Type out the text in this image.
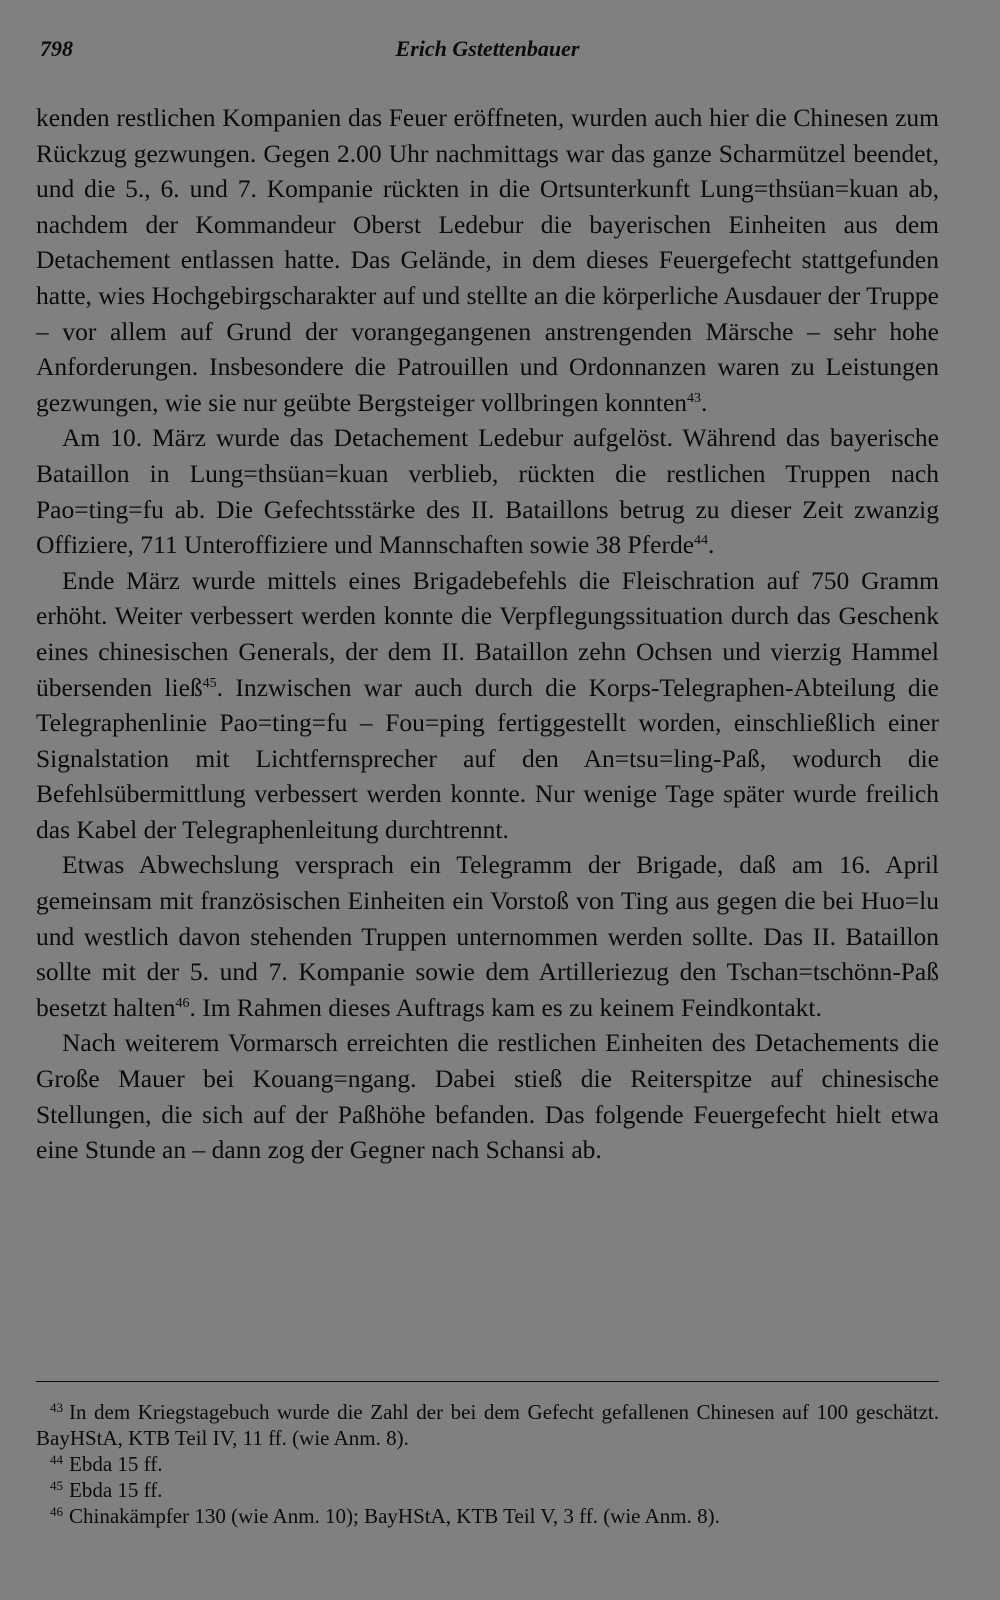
798	Erich Gstettenbauer

kenden restlichen Kompanien das Feuer eröffneten, wurden auch hier die Chinesen zum Rückzug gezwungen. Gegen 2.00 Uhr nachmittags war das ganze Scharmützel beendet, und die 5., 6. und 7. Kompanie rückten in die Ortsunterkunft Lung=thsüan=kuan ab, nachdem der Kommandeur Oberst Ledebur die bayerischen Einheiten aus dem Detachement entlassen hatte. Das Gelände, in dem dieses Feuergefecht stattgefunden hatte, wies Hochgebirgscharakter auf und stellte an die körperliche Ausdauer der Truppe – vor allem auf Grund der vorangegangenen anstrengenden Märsche – sehr hohe Anforderungen. Insbesondere die Patrouillen und Ordonnanzen waren zu Leistungen gezwungen, wie sie nur geübte Bergsteiger vollbringen konnten$^{43}$.

Am 10. März wurde das Detachement Ledebur aufgelöst. Während das bayerische Bataillon in Lung=thsüan=kuan verblieb, rückten die restlichen Truppen nach Pao=ting=fu ab. Die Gefechtsstärke des II. Bataillons betrug zu dieser Zeit zwanzig Offiziere, 711 Unteroffiziere und Mannschaften sowie 38 Pferde$^{44}$.

Ende März wurde mittels eines Brigadebefehls die Fleischration auf 750 Gramm erhöht. Weiter verbessert werden konnte die Verpflegungssituation durch das Geschenk eines chinesischen Generals, der dem II. Bataillon zehn Ochsen und vierzig Hammel übersenden ließ$^{45}$. Inzwischen war auch durch die Korps-Telegraphen-Abteilung die Telegraphenlinie Pao=ting=fu – Fou=ping fertiggestellt worden, einschließlich einer Signalstation mit Lichtfernsprecher auf den An=tsu=ling-Paß, wodurch die Befehlsübermittlung verbessert werden konnte. Nur wenige Tage später wurde freilich das Kabel der Telegraphenleitung durchtrennt.

Etwas Abwechslung versprach ein Telegramm der Brigade, daß am 16. April gemeinsam mit französischen Einheiten ein Vorstoß von Ting aus gegen die bei Huo=lu und westlich davon stehenden Truppen unternommen werden sollte. Das II. Bataillon sollte mit der 5. und 7. Kompanie sowie dem Artilleriezug den Tschan=tschönn-Paß besetzt halten$^{46}$. Im Rahmen dieses Auftrags kam es zu keinem Feindkontakt.

Nach weiterem Vormarsch erreichten die restlichen Einheiten des Detachements die Große Mauer bei Kouang=ngang. Dabei stieß die Reiterspitze auf chinesische Stellungen, die sich auf der Paßhöhe befanden. Das folgende Feuergefecht hielt etwa eine Stunde an – dann zog der Gegner nach Schansi ab.

$^{43}$ In dem Kriegstagebuch wurde die Zahl der bei dem Gefecht gefallenen Chinesen auf 100 geschätzt. BayHStA, KTB Teil IV, 11 ff. (wie Anm. 8).

$^{44}$ Ebda 15 ff.

$^{45}$ Ebda 15 ff.

$^{46}$ Chinakämpfer 130 (wie Anm. 10); BayHStA, KTB Teil V, 3 ff. (wie Anm. 8).
